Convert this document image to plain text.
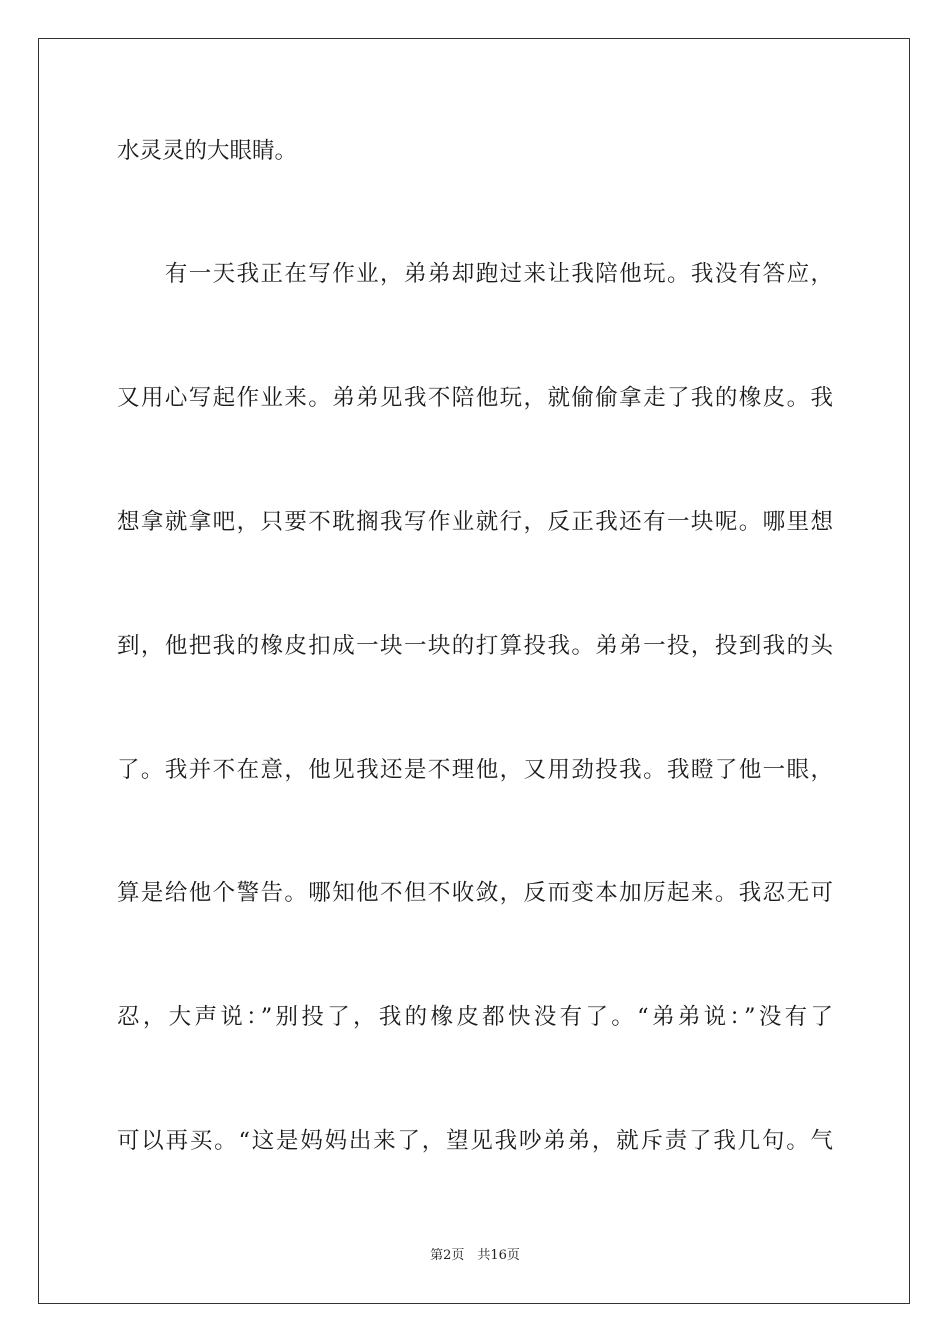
水灵灵的大眼睛。
　　有一天我正在写作业，弟弟却跑过来让我陪他玩。我没有答应，
又用心写起作业来。弟弟见我不陪他玩，就偷偷拿走了我的橡皮。我
想拿就拿吧，只要不耽搁我写作业就行，反正我还有一块呢。哪里想
到，他把我的橡皮扣成一块一块的打算投我。弟弟一投，投到我的头
了。我并不在意，他见我还是不理他，又用劲投我。我瞪了他一眼，
算是给他个警告。哪知他不但不收敛，反而变本加厉起来。我忍无可
忍，大声说：”别投了，我的橡皮都快没有了。“弟弟说：”没有了
可以再买。“这是妈妈出来了，望见我吵弟弟，就斥责了我几句。气
第2页　共16页
